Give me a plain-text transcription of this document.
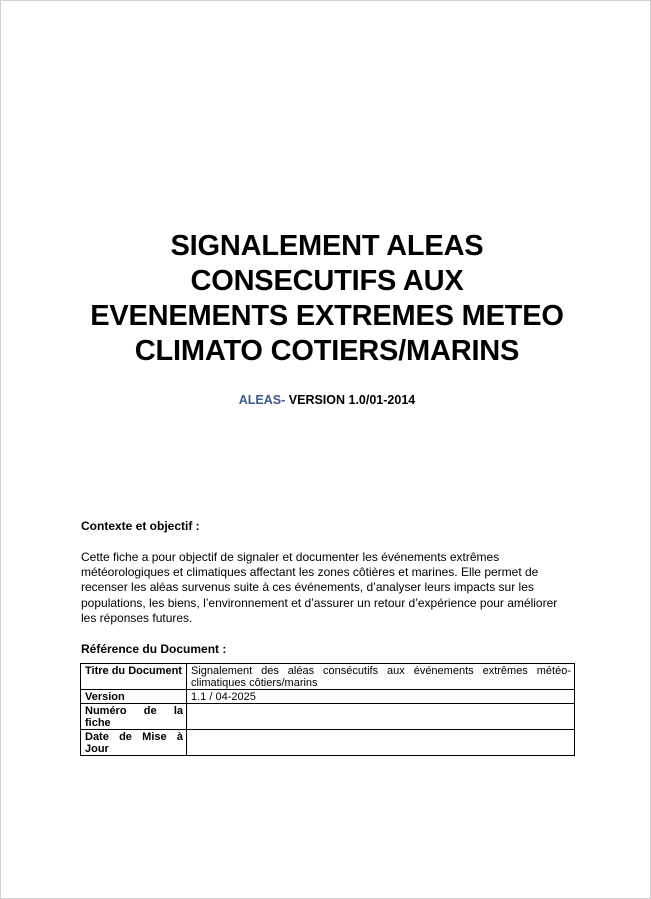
SIGNALEMENT ALEAS
CONSECUTIFS AUX
EVENEMENTS EXTREMES METEO
CLIMATO COTIERS/MARINS
ALEAS- VERSION 1.0/01-2014
Contexte et objectif :
Cette fiche a pour objectif de signaler et documenter les événements extrêmes météorologiques et climatiques affectant les zones côtières et marines. Elle permet de recenser les aléas survenus suite à ces événements, d’analyser leurs impacts sur les populations, les biens, l’environnement et d’assurer un retour d’expérience pour améliorer les réponses futures.
Référence du Document :
Titre du Document	Signalement des aléas consécutifs aux événements extrêmes météo-climatiques côtiers/marins
Version	1.1 / 04-2025
Numéro de la fiche	
Date de Mise à Jour	
